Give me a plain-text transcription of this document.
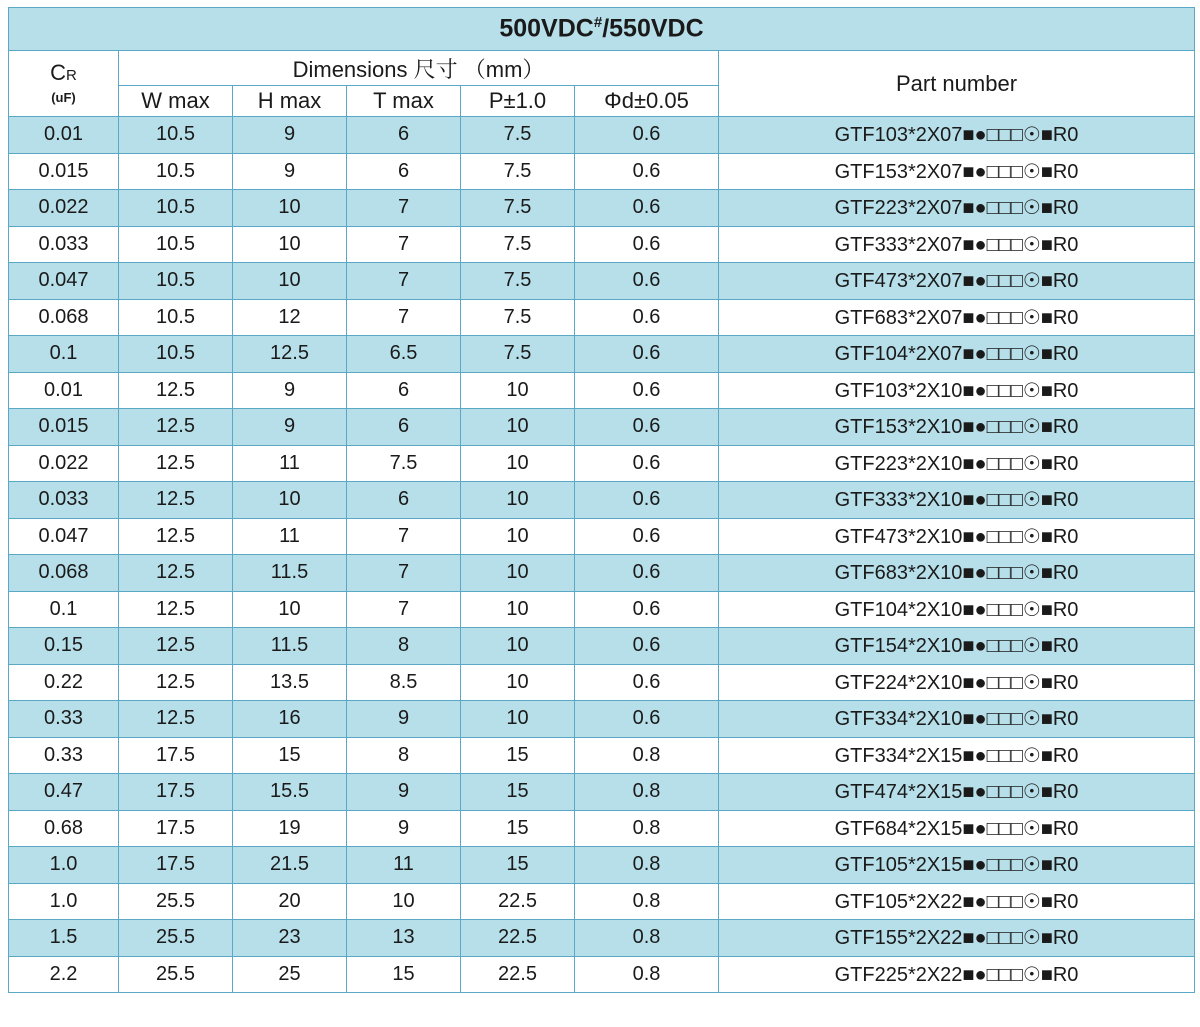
500VDC#/550VDC						
CR
(uF)	Dimensions 尺寸 （mm）					Part number
	W max	H max	T max	P±1.0	Φd±0.05	
0.01	10.5	9	6	7.5	0.6	GTF103*2X07■●□□□☉■R0
0.015	10.5	9	6	7.5	0.6	GTF153*2X07■●□□□☉■R0
0.022	10.5	10	7	7.5	0.6	GTF223*2X07■●□□□☉■R0
0.033	10.5	10	7	7.5	0.6	GTF333*2X07■●□□□☉■R0
0.047	10.5	10	7	7.5	0.6	GTF473*2X07■●□□□☉■R0
0.068	10.5	12	7	7.5	0.6	GTF683*2X07■●□□□☉■R0
0.1	10.5	12.5	6.5	7.5	0.6	GTF104*2X07■●□□□☉■R0
0.01	12.5	9	6	10	0.6	GTF103*2X10■●□□□☉■R0
0.015	12.5	9	6	10	0.6	GTF153*2X10■●□□□☉■R0
0.022	12.5	11	7.5	10	0.6	GTF223*2X10■●□□□☉■R0
0.033	12.5	10	6	10	0.6	GTF333*2X10■●□□□☉■R0
0.047	12.5	11	7	10	0.6	GTF473*2X10■●□□□☉■R0
0.068	12.5	11.5	7	10	0.6	GTF683*2X10■●□□□☉■R0
0.1	12.5	10	7	10	0.6	GTF104*2X10■●□□□☉■R0
0.15	12.5	11.5	8	10	0.6	GTF154*2X10■●□□□☉■R0
0.22	12.5	13.5	8.5	10	0.6	GTF224*2X10■●□□□☉■R0
0.33	12.5	16	9	10	0.6	GTF334*2X10■●□□□☉■R0
0.33	17.5	15	8	15	0.8	GTF334*2X15■●□□□☉■R0
0.47	17.5	15.5	9	15	0.8	GTF474*2X15■●□□□☉■R0
0.68	17.5	19	9	15	0.8	GTF684*2X15■●□□□☉■R0
1.0	17.5	21.5	11	15	0.8	GTF105*2X15■●□□□☉■R0
1.0	25.5	20	10	22.5	0.8	GTF105*2X22■●□□□☉■R0
1.5	25.5	23	13	22.5	0.8	GTF155*2X22■●□□□☉■R0
2.2	25.5	25	15	22.5	0.8	GTF225*2X22■●□□□☉■R0
